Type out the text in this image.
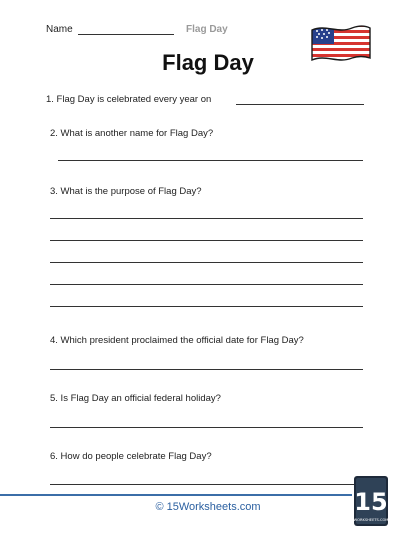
Name	Flag Day
Flag Day
1. Flag Day is celebrated every year on
2. What is another name for Flag Day?
3. What is the purpose of Flag Day?
4. Which president proclaimed the official date for Flag Day?
5. Is Flag Day an official federal holiday?
6. How do people celebrate Flag Day?
© 15Worksheets.com	15
WORKSHEETS.COM
